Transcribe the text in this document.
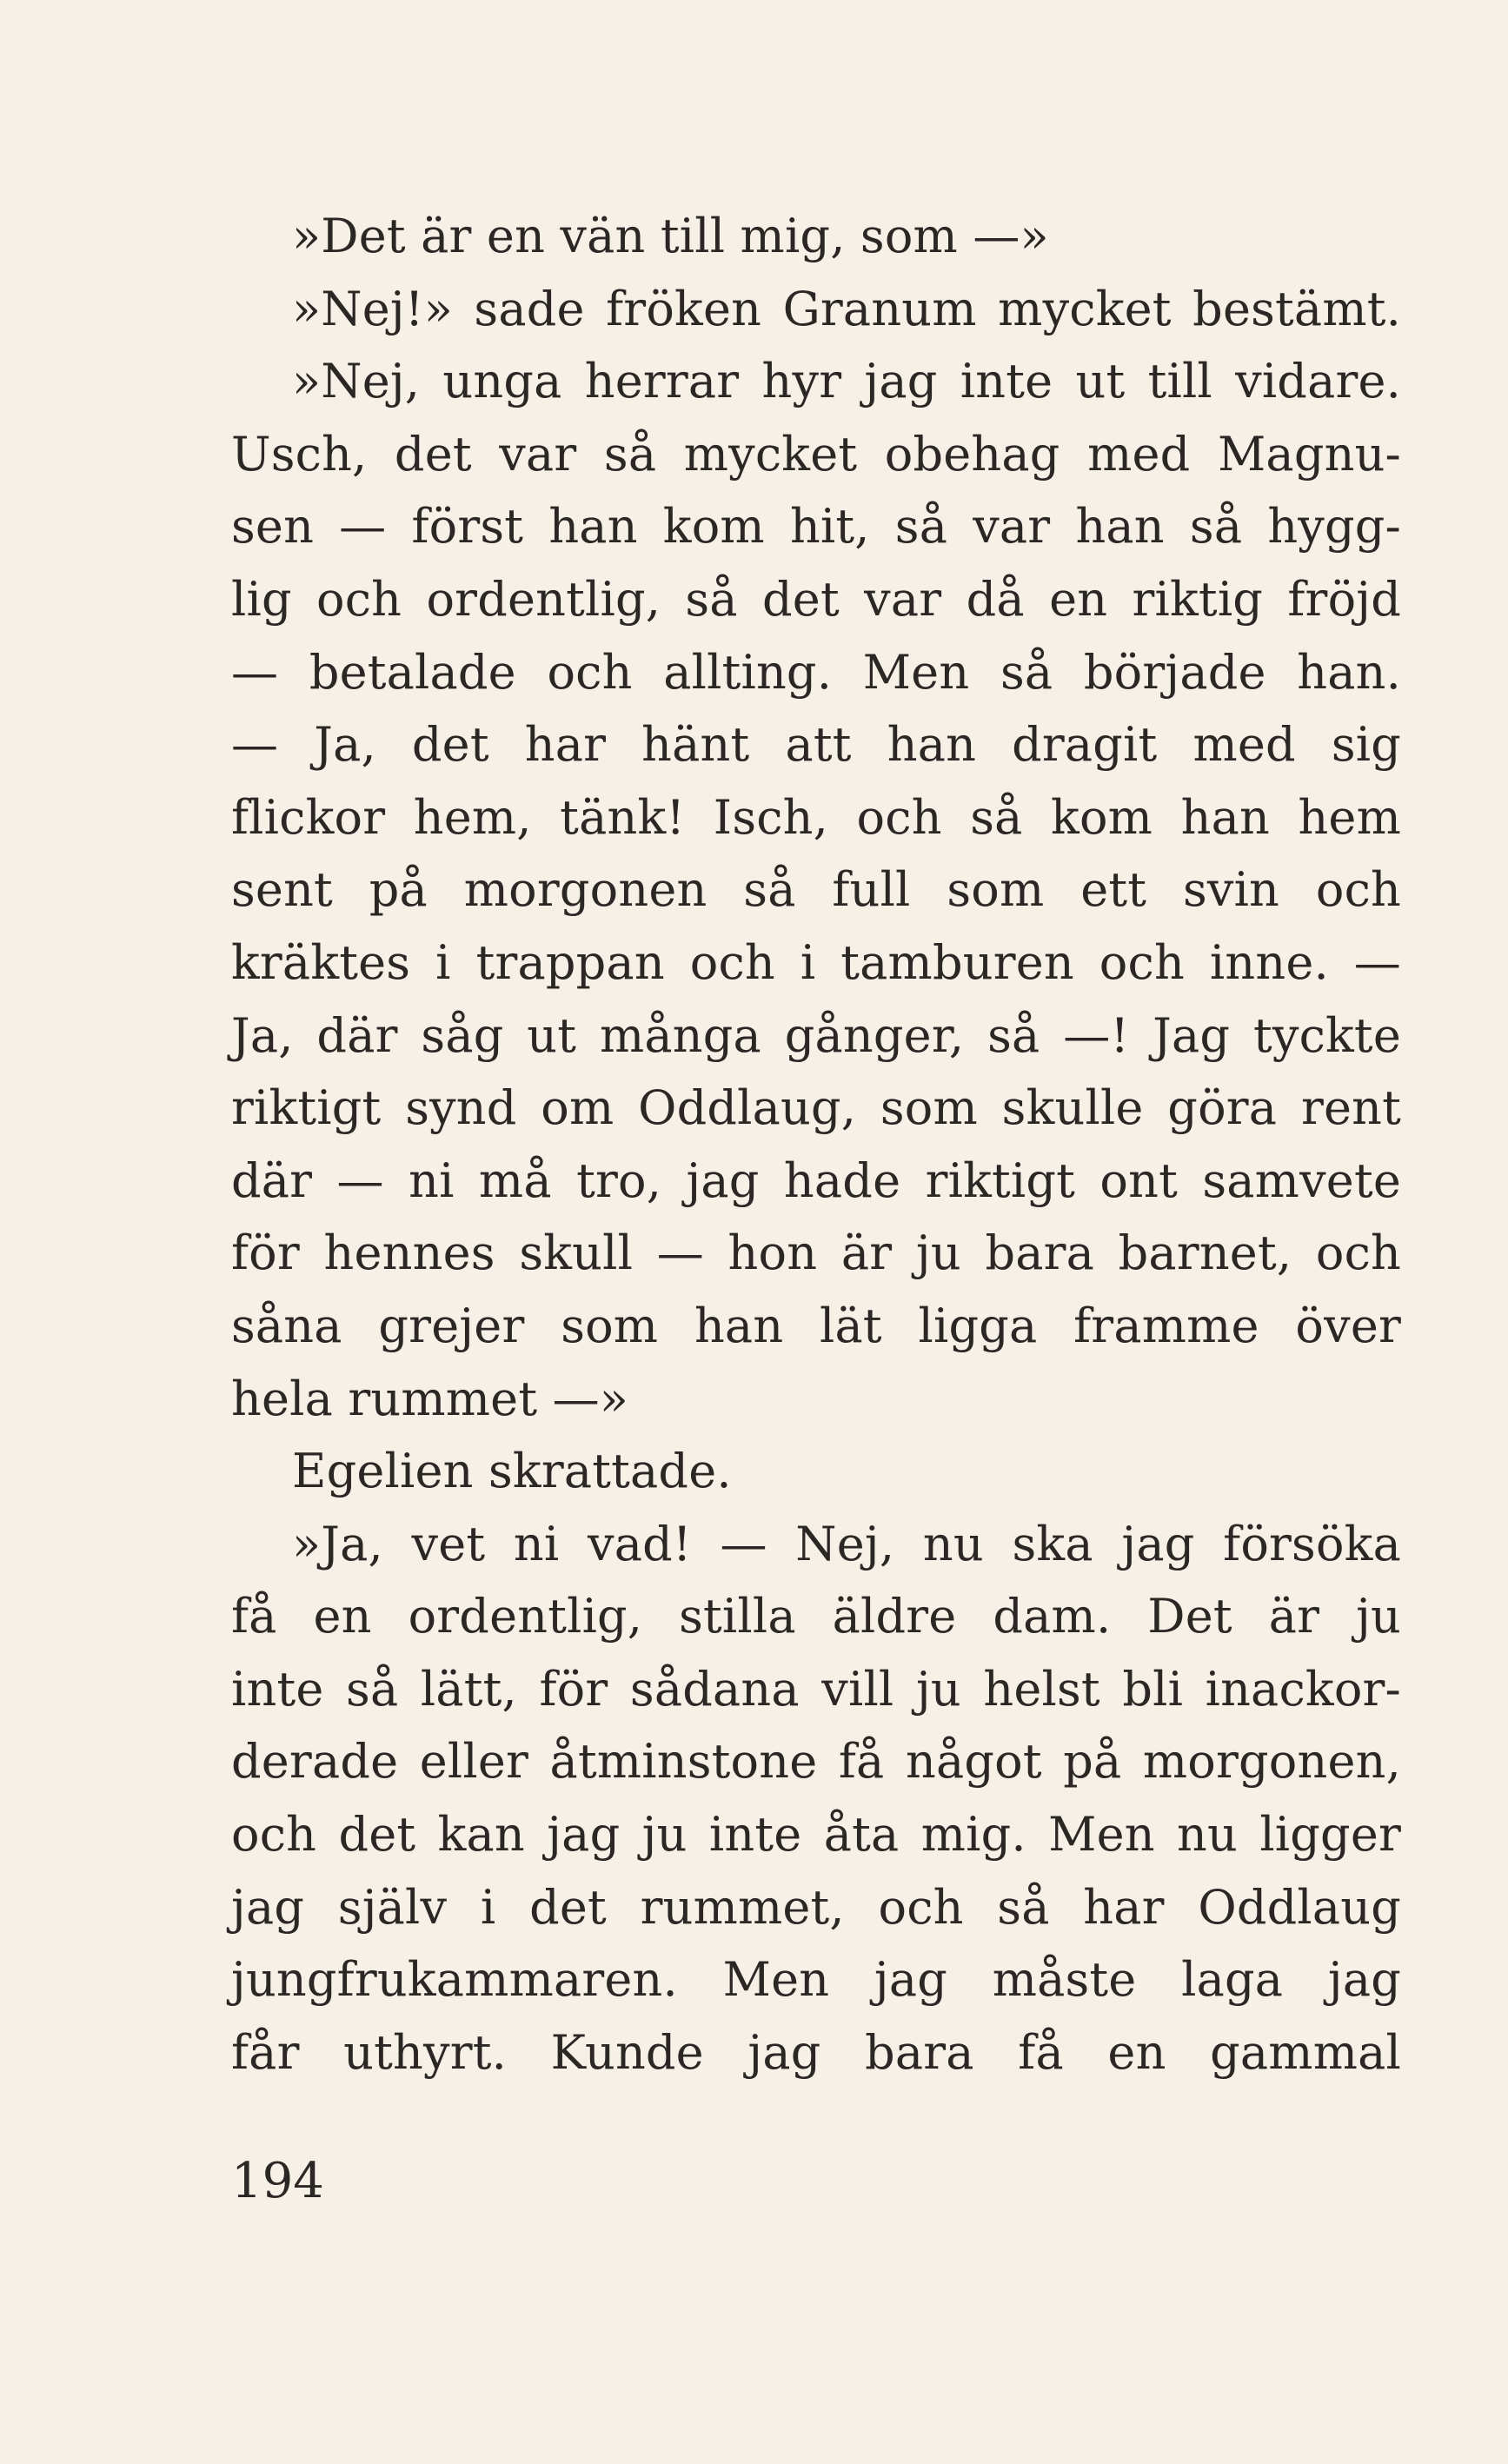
»Det är en vän till mig, som —»
»Nej!» sade fröken Granum mycket bestämt.
»Nej, unga herrar hyr jag inte ut till vidare.
Usch, det var så mycket obehag med Magnu-
sen — först han kom hit, så var han så hygg-
lig och ordentlig, så det var då en riktig fröjd
— betalade och allting. Men så började han.
— Ja, det har hänt att han dragit med sig
flickor hem, tänk! Isch, och så kom han hem
sent på morgonen så full som ett svin och
kräktes i trappan och i tamburen och inne. —
Ja, där såg ut många gånger, så —! Jag tyckte
riktigt synd om Oddlaug, som skulle göra rent
där — ni må tro, jag hade riktigt ont samvete
för hennes skull — hon är ju bara barnet, och
såna grejer som han lät ligga framme över
hela rummet —»
Egelien skrattade.
»Ja, vet ni vad! — Nej, nu ska jag försöka
få en ordentlig, stilla äldre dam. Det är ju
inte så lätt, för sådana vill ju helst bli inackor-
derade eller åtminstone få något på morgonen,
och det kan jag ju inte åta mig. Men nu ligger
jag själv i det rummet, och så har Oddlaug
jungfrukammaren. Men jag måste laga jag
får uthyrt. Kunde jag bara få en gammal
194
